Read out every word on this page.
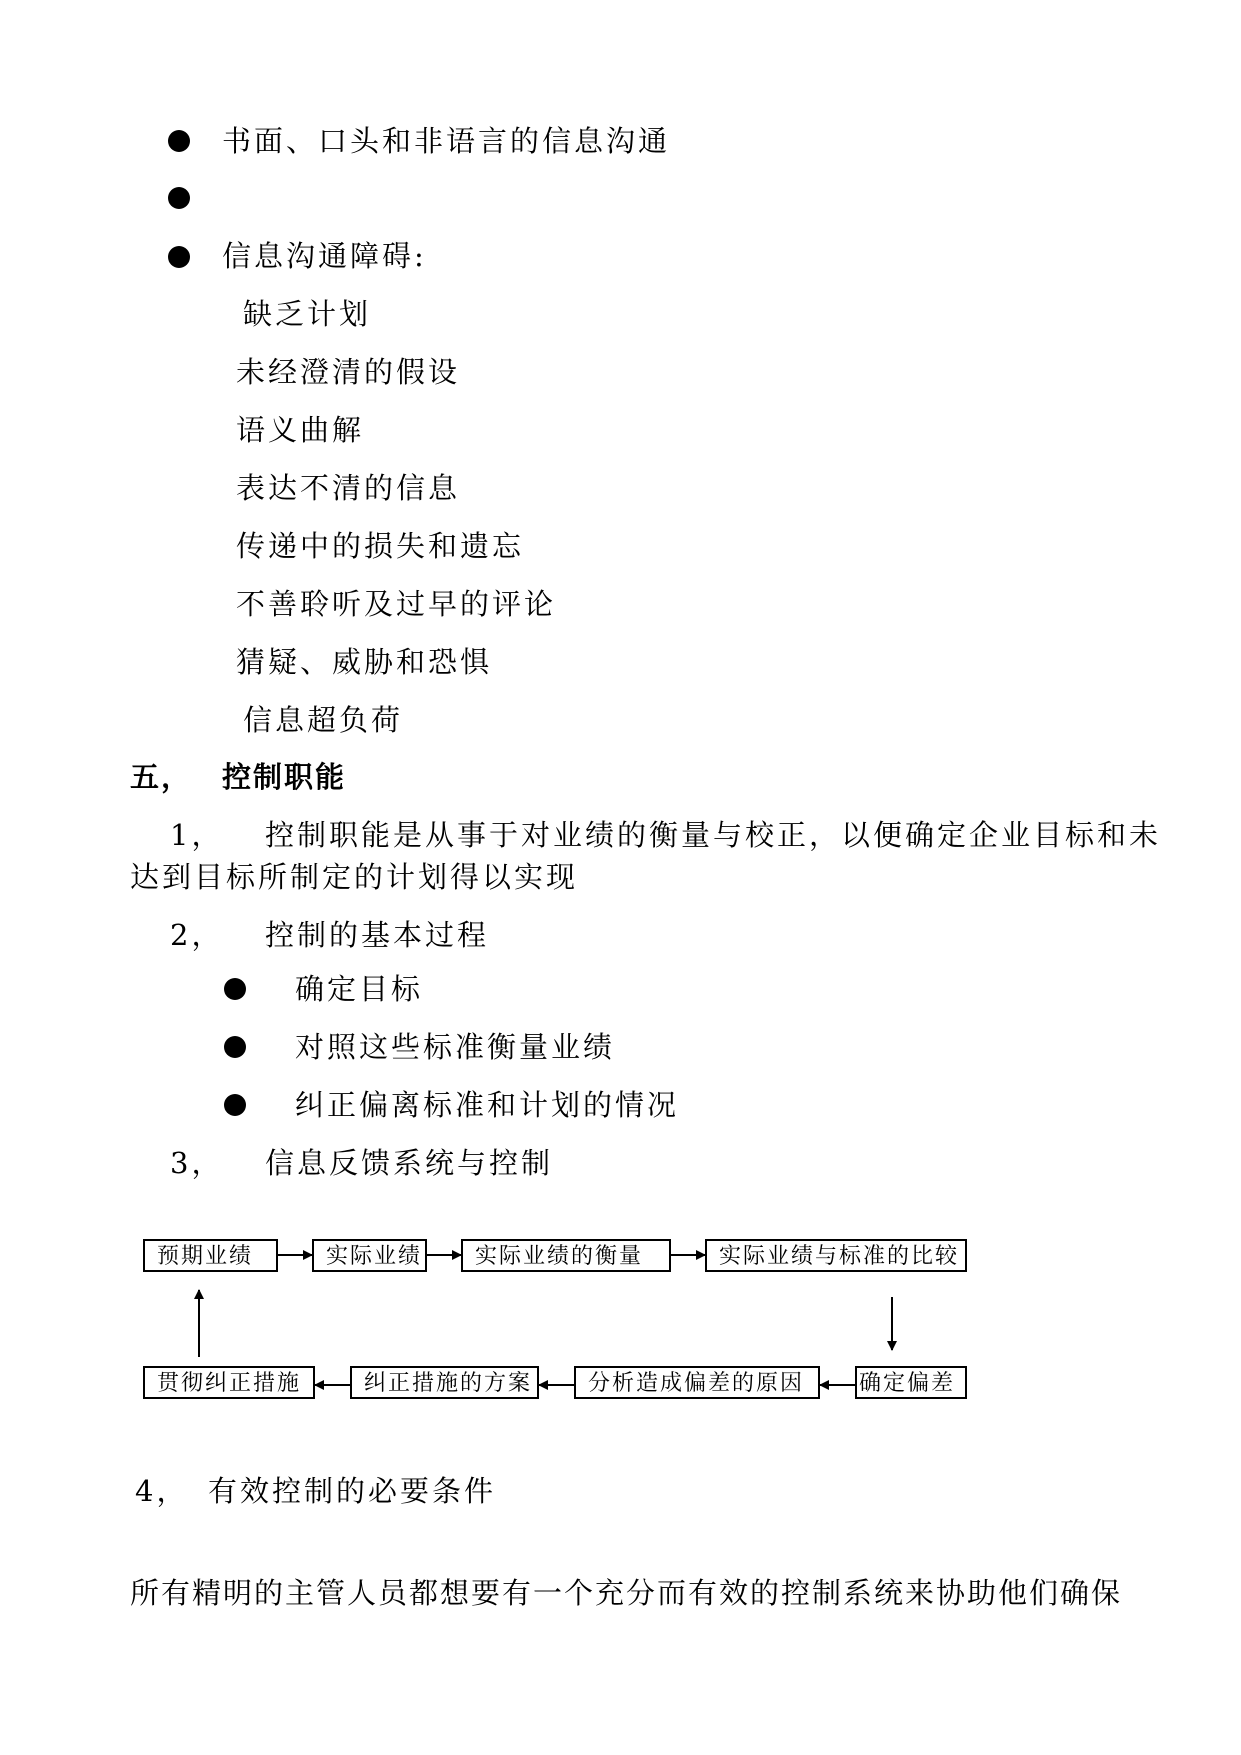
书面、口头和非语言的信息沟通
信息沟通障碍:
缺乏计划
未经澄清的假设
语义曲解
表达不清的信息
传递中的损失和遗忘
不善聆听及过早的评论
猜疑、威胁和恐惧
信息超负荷
五， 控制职能
1， 控制职能是从事于对业绩的衡量与校正，以便确定企业目标和未
达到目标所制定的计划得以实现
2， 控制的基本过程
确定目标
对照这些标准衡量业绩
纠正偏离标准和计划的情况
3， 信息反馈系统与控制
预期业绩	实际业绩	实际业绩的衡量	实际业绩与标准的比较
贯彻纠正措施	纠正措施的方案	分析造成偏差的原因	确定偏差
4， 有效控制的必要条件
所有精明的主管人员都想要有一个充分而有效的控制系统来协助他们确保
